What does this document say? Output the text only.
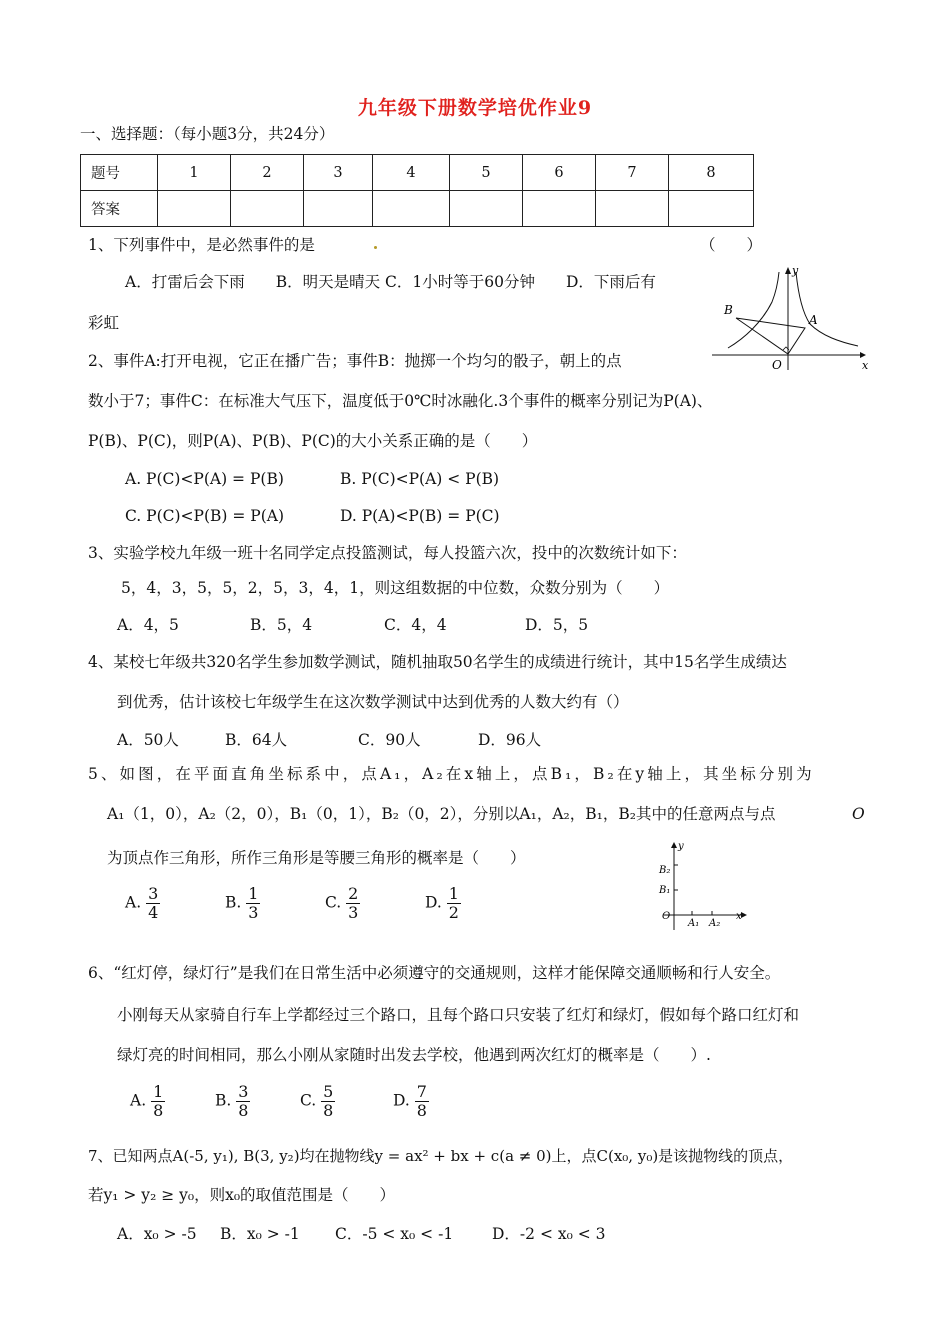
九年级下册数学培优作业9
一、选择题：（每小题3分，共24分）
题号	1	2	3	4	5	6	7	8
答案								
1、下列事件中，是必然事件的是	（　　）
A．打雷后会下雨　　B．明天是晴天 C．1小时等于60分钟　　D．下雨后有
彩虹
B
A
O
y
x
2、事件A:打开电视，它正在播广告；事件B：抛掷一个均匀的骰子，朝上的点
数小于7；事件C：在标准大气压下，温度低于0℃时冰融化.3个事件的概率分别记为P(A)、
P(B)、P(C)，则P(A)、P(B)、P(C)的大小关系正确的是（　　）
A. P(C)<P(A) = P(B)	B. P(C)<P(A) < P(B)
C. P(C)<P(B) = P(A)	D. P(A)<P(B) = P(C)
3、实验学校九年级一班十名同学定点投篮测试，每人投篮六次，投中的次数统计如下：
5，4，3，5，5，2，5，3，4，1，则这组数据的中位数，众数分别为（　　）
A．4，5	B．5，4	C．4，4	D．5，5
4、某校七年级共320名学生参加数学测试，随机抽取50名学生的成绩进行统计，其中15名学生成绩达
到优秀，估计该校七年级学生在这次数学测试中达到优秀的人数大约有（）
A．50人	B．64人	C．90人	D．96人
5、如图，在平面直角坐标系中，点A₁，A₂在x轴上，点B₁，B₂在y轴上，其坐标分别为
A₁（1，0），A₂（2，0），B₁（0，1），B₂（0，2），分别以A₁，A₂，B₁，B₂其中的任意两点与点	O
为顶点作三角形，所作三角形是等腰三角形的概率是（　　）
A. $\frac{3}{4}$	B. $\frac{1}{3}$	C. $\frac{2}{3}$	D. $\frac{1}{2}$
y
B₂
B₁
O
A₁ A₂
x
6、“红灯停，绿灯行”是我们在日常生活中必须遵守的交通规则，这样才能保障交通顺畅和行人安全。
小刚每天从家骑自行车上学都经过三个路口，且每个路口只安装了红灯和绿灯，假如每个路口红灯和
绿灯亮的时间相同，那么小刚从家随时出发去学校，他遇到两次红灯的概率是（　　）.
A. $\frac{1}{8}$	B. $\frac{3}{8}$	C. $\frac{5}{8}$	D. $\frac{7}{8}$
7、已知两点A(-5, y₁), B(3, y₂)均在抛物线y = ax² + bx + c(a ≠ 0)上，点C(x₀, y₀)是该抛物线的顶点，
若y₁ > y₂ ≥ y₀，则x₀的取值范围是（　　）
A．x₀ > -5 B．x₀ > -1 C．-5 < x₀ < -1	D．-2 < x₀ < 3
